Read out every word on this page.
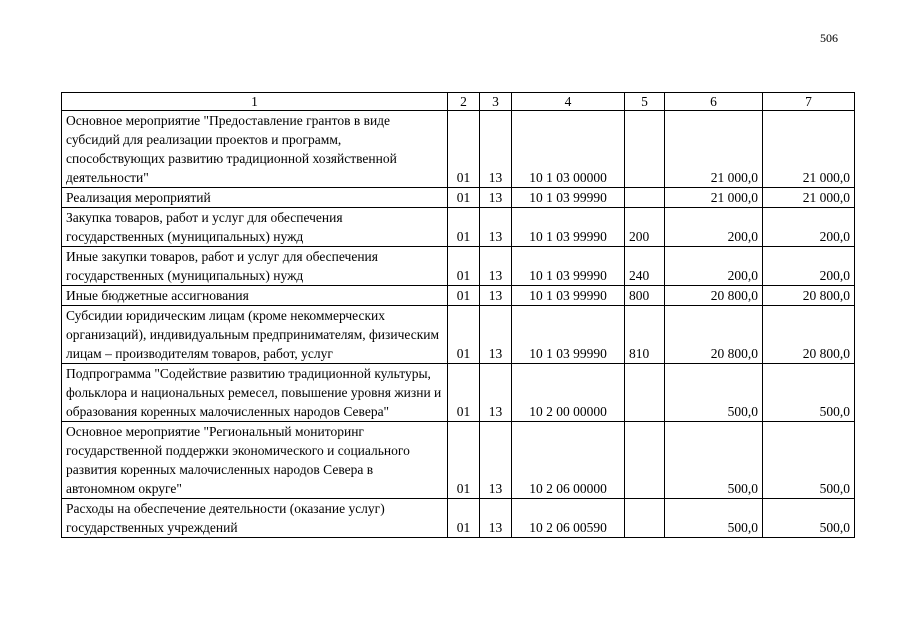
506
1	2	3	4	5	6	7
Основное мероприятие "Предоставление грантов в виде субсидий для реализации проектов и программ, способствующих развитию традиционной хозяйственной деятельности"	01	13	10 1 03 00000		21 000,0	21 000,0
Реализация мероприятий	01	13	10 1 03 99990		21 000,0	21 000,0
Закупка товаров, работ и услуг для обеспечения государственных (муниципальных) нужд	01	13	10 1 03 99990	200	200,0	200,0
Иные закупки товаров, работ и услуг для обеспечения государственных (муниципальных) нужд	01	13	10 1 03 99990	240	200,0	200,0
Иные бюджетные ассигнования	01	13	10 1 03 99990	800	20 800,0	20 800,0
Субсидии юридическим лицам (кроме некоммерческих организаций), индивидуальным предпринимателям, физическим лицам – производителям товаров, работ, услуг	01	13	10 1 03 99990	810	20 800,0	20 800,0
Подпрограмма "Содействие развитию традиционной культуры, фольклора и национальных ремесел, повышение уровня жизни и образования коренных малочисленных народов Севера"	01	13	10 2 00 00000		500,0	500,0
Основное мероприятие "Региональный мониторинг государственной поддержки экономического и социального развития коренных малочисленных народов Севера в автономном округе"	01	13	10 2 06 00000		500,0	500,0
Расходы на обеспечение деятельности (оказание услуг) государственных учреждений	01	13	10 2 06 00590		500,0	500,0
